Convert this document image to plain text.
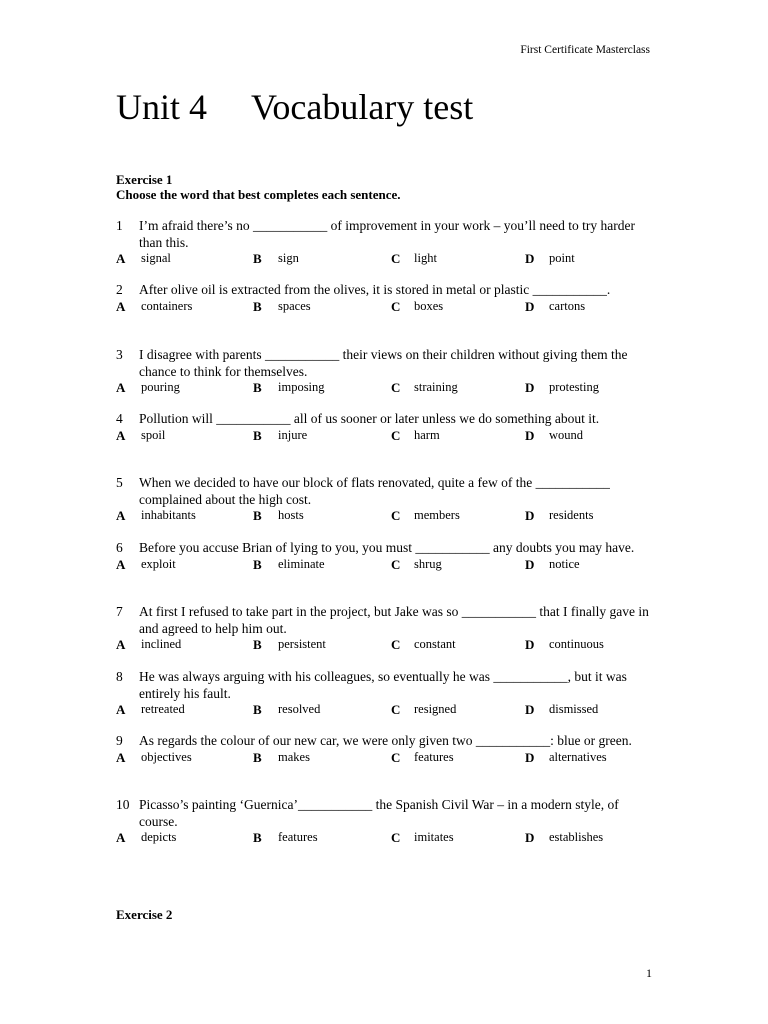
First Certificate Masterclass
Unit 4 Vocabulary test
Exercise 1

Choose the word that best completes each sentence.

1 I’m afraid there’s no ___________ of improvement in your work – you’ll need to try harder than this.
A signal	B sign	C light	D point
2 After olive oil is extracted from the olives, it is stored in metal or plastic ___________.
A containers	B spaces	C boxes	D cartons
3 I disagree with parents ___________ their views on their children without giving them the chance to think for themselves.
A pouring	B imposing	C straining	D protesting
4 Pollution will ___________ all of us sooner or later unless we do something about it.
A spoil	B injure	C harm	D wound
5 When we decided to have our block of flats renovated, quite a few of the ___________ complained about the high cost.
A inhabitants	B hosts	C members	D residents
6 Before you accuse Brian of lying to you, you must ___________ any doubts you may have.
A exploit	B eliminate	C shrug	D notice
7 At first I refused to take part in the project, but Jake was so ___________ that I finally gave in and agreed to help him out.
A inclined	B persistent	C constant	D continuous
8 He was always arguing with his colleagues, so eventually he was ___________, but it was entirely his fault.
A retreated	B resolved	C resigned	D dismissed
9 As regards the colour of our new car, we were only given two ___________: blue or green.
A objectives	B makes	C features	D alternatives
10 Picasso’s painting ‘Guernica’___________ the Spanish Civil War – in a modern style, of course.
A depicts	B features	C imitates	D establishes
Exercise 2
1
